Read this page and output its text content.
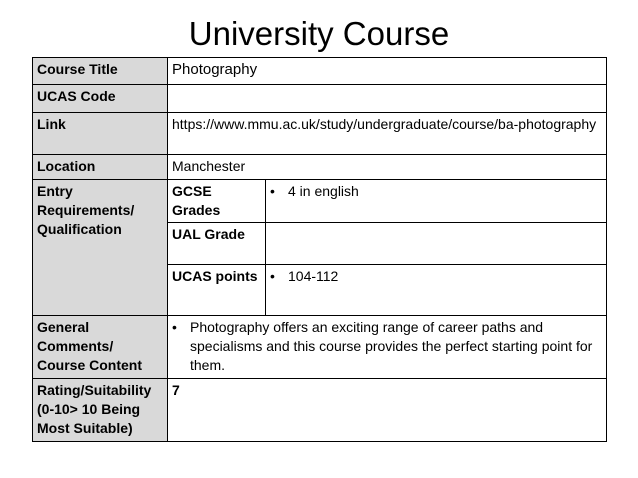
University Course
Course Title	Photography	
UCAS Code		
Link	https://www.mmu.ac.uk/study/undergraduate/course/ba-photography	
Location	Manchester	
Entry Requirements/ Qualification	GCSE Grades	• 4 in english

	UAL Grade	
	UCAS points	• 104-112

General Comments/ Course Content	• Photography offers an exciting range of career paths and specialisms and this course provides the perfect starting point for them.	

Rating/Suitability (0-10> 10 Being Most Suitable)	7	
